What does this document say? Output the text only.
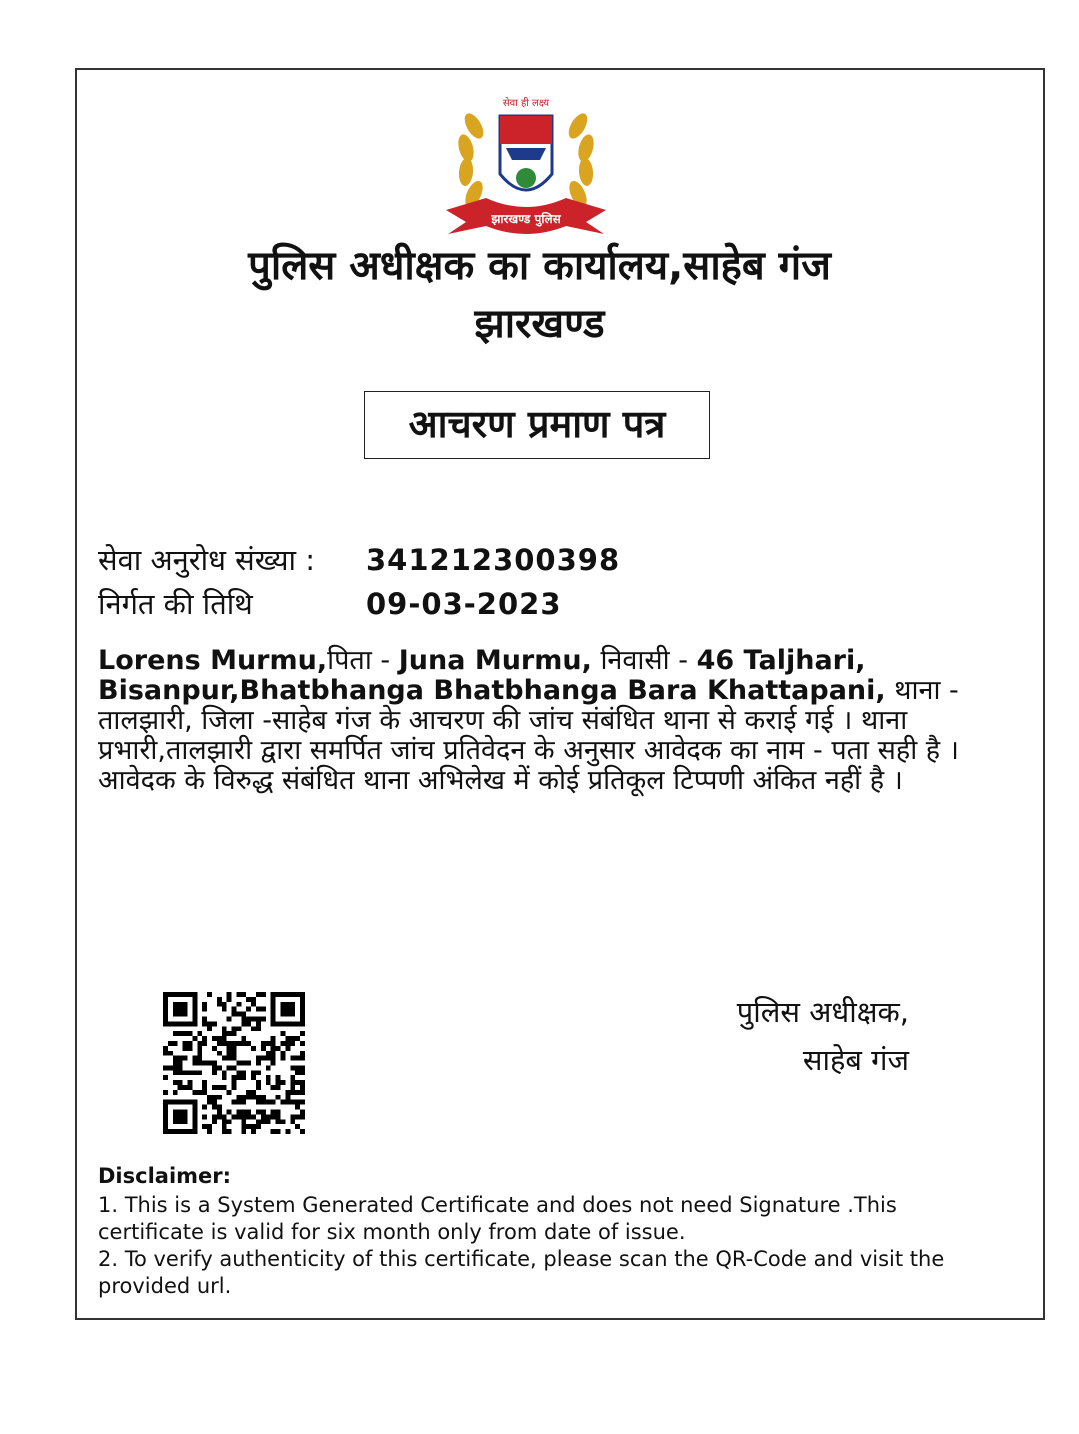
सेवा ही लक्ष्य
झारखण्ड पुलिस
पुलिस अधीक्षक का कार्यालय,साहेब गंज
झारखण्ड
आचरण प्रमाण पत्र
सेवा अनुरोध संख्या : 341212300398
निर्गत की तिथि	09-03-2023
Lorens Murmu,पिता - Juna Murmu, निवासी - 46 Taljhari, Bisanpur,Bhatbhanga Bhatbhanga Bara Khattapani, थाना - तालझारी, जिला -साहेब गंज के आचरण की जांच संबंधित थाना से कराई गई । थाना प्रभारी,तालझारी द्वारा समर्पित जांच प्रतिवेदन के अनुसार आवेदक का नाम - पता सही है । आवेदक के विरुद्ध संबंधित थाना अभिलेख में कोई प्रतिकूल टिप्पणी अंकित नहीं है ।
पुलिस अधीक्षक,
साहेब गंज
Disclaimer:
1. This is a System Generated Certificate and does not need Signature .This certificate is valid for six month only from date of issue.
2. To verify authenticity of this certificate, please scan the QR-Code and visit the provided url.
